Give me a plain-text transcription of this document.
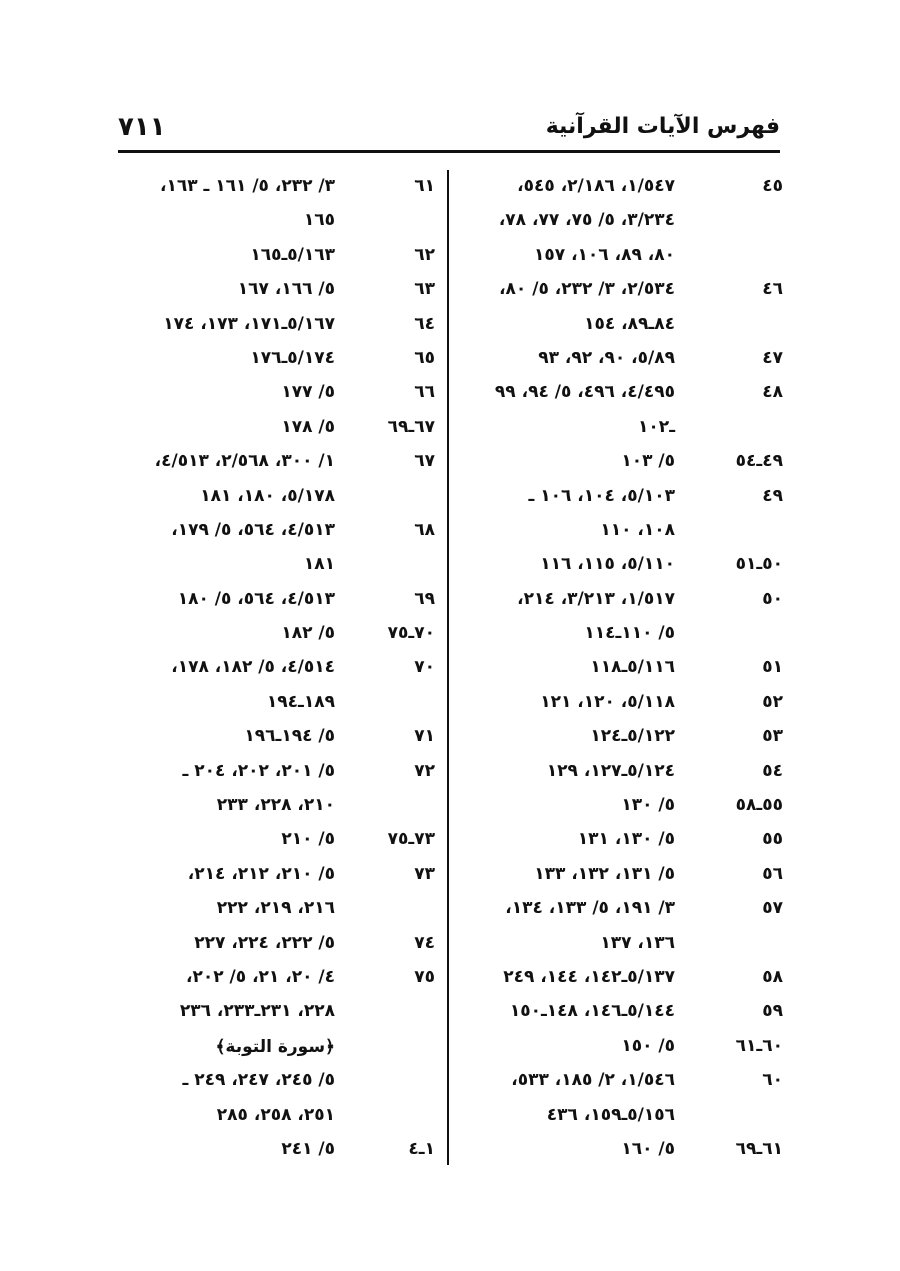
٧١١	فهرس الآيات القرآنية
٤٥
١/٥٤٧، ٢/١٨٦، ٥٤٥،
٣/٢٣٤، ٥/ ٧٥، ٧٧، ٧٨،
٨٠، ٨٩، ١٠٦، ١٥٧
٤٦
٢/٥٣٤، ٣/ ٢٣٢، ٥/ ٨٠،
٨٤ـ٨٩، ١٥٤
٤٧
٥/٨٩، ٩٠، ٩٢، ٩٣
٤٨
٤/٤٩٥، ٤٩٦، ٥/ ٩٤، ٩٩
ـ١٠٢
٤٩ـ٥٤
٥/ ١٠٣
٤٩
٥/١٠٣، ١٠٤، ١٠٦ ـ
١٠٨، ١١٠
٥٠ـ٥١
٥/١١٠، ١١٥، ١١٦
٥٠
١/٥١٧، ٣/٢١٣، ٢١٤،
٥/ ١١٠ـ١١٤
٥١
٥/١١٦ـ١١٨
٥٢
٥/١١٨، ١٢٠، ١٢١
٥٣
٥/١٢٢ـ١٢٤
٥٤
٥/١٢٤ـ١٢٧، ١٢٩
٥٥ـ٥٨
٥/ ١٣٠
٥٥
٥/ ١٣٠، ١٣١
٥٦
٥/ ١٣١، ١٣٢، ١٣٣
٥٧
٣/ ١٩١، ٥/ ١٣٣، ١٣٤،
١٣٦، ١٣٧
٥٨
٥/١٣٧ـ١٤٢، ١٤٤، ٢٤٩
٥٩
٥/١٤٤ـ١٤٦، ١٤٨ـ١٥٠
٦٠ـ٦١
٥/ ١٥٠
٦٠
١/٥٤٦، ٢/ ١٨٥، ٥٣٣،
٥/١٥٦ـ١٥٩، ٤٣٦
٦١ـ٦٩
٥/ ١٦٠
٦١
٣/ ٢٣٢، ٥/ ١٦١ ـ ١٦٣،
١٦٥
٦٢
٥/١٦٣ـ١٦٥
٦٣
٥/ ١٦٦، ١٦٧
٦٤
٥/١٦٧ـ١٧١، ١٧٣، ١٧٤
٦٥
٥/١٧٤ـ١٧٦
٦٦
٥/ ١٧٧
٦٧ـ٦٩
٥/ ١٧٨
٦٧
١/ ٣٠٠، ٢/٥٦٨، ٤/٥١٣،
٥/١٧٨، ١٨٠، ١٨١
٦٨
٤/٥١٣، ٥٦٤، ٥/ ١٧٩،
١٨١
٦٩
٤/٥١٣، ٥٦٤، ٥/ ١٨٠
٧٠ـ٧٥
٥/ ١٨٢
٧٠
٤/٥١٤، ٥/ ١٨٢، ١٧٨،
١٨٩ـ١٩٤
٧١
٥/ ١٩٤ـ١٩٦
٧٢
٥/ ٢٠١، ٢٠٢، ٢٠٤ ـ
٢١٠، ٢٢٨، ٢٣٣
٧٣ـ٧٥
٥/ ٢١٠
٧٣
٥/ ٢١٠، ٢١٢، ٢١٤،
٢١٦، ٢١٩، ٢٢٢
٧٤
٥/ ٢٢٢، ٢٢٤، ٢٢٧
٧٥
٤/ ٢٠، ٢١، ٥/ ٢٠٢،
٢٢٨، ٢٣١ـ٢٣٣، ٢٣٦
﴿سورة التوبة﴾
٥/ ٢٤٥، ٢٤٧، ٢٤٩ ـ
٢٥١، ٢٥٨، ٢٨٥
١ـ٤
٥/ ٢٤١
